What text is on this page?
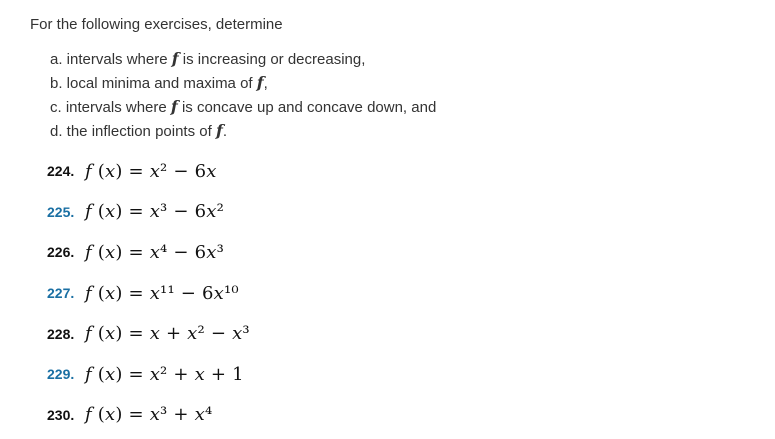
For the following exercises, determine
a. intervals where f is increasing or decreasing,
b. local minima and maxima of f,
c. intervals where f is concave up and concave down, and
d. the inflection points of f.
224. 𝑓 (𝑥) = 𝑥² − 6𝑥
225. 𝑓 (𝑥) = 𝑥³ − 6𝑥²
226. 𝑓 (𝑥) = 𝑥⁴ − 6𝑥³
227. 𝑓 (𝑥) = 𝑥¹¹ − 6𝑥¹⁰
228. 𝑓 (𝑥) = 𝑥 + 𝑥² − 𝑥³
229. 𝑓 (𝑥) = 𝑥² + 𝑥 + 1
230. 𝑓 (𝑥) = 𝑥³ + 𝑥⁴
